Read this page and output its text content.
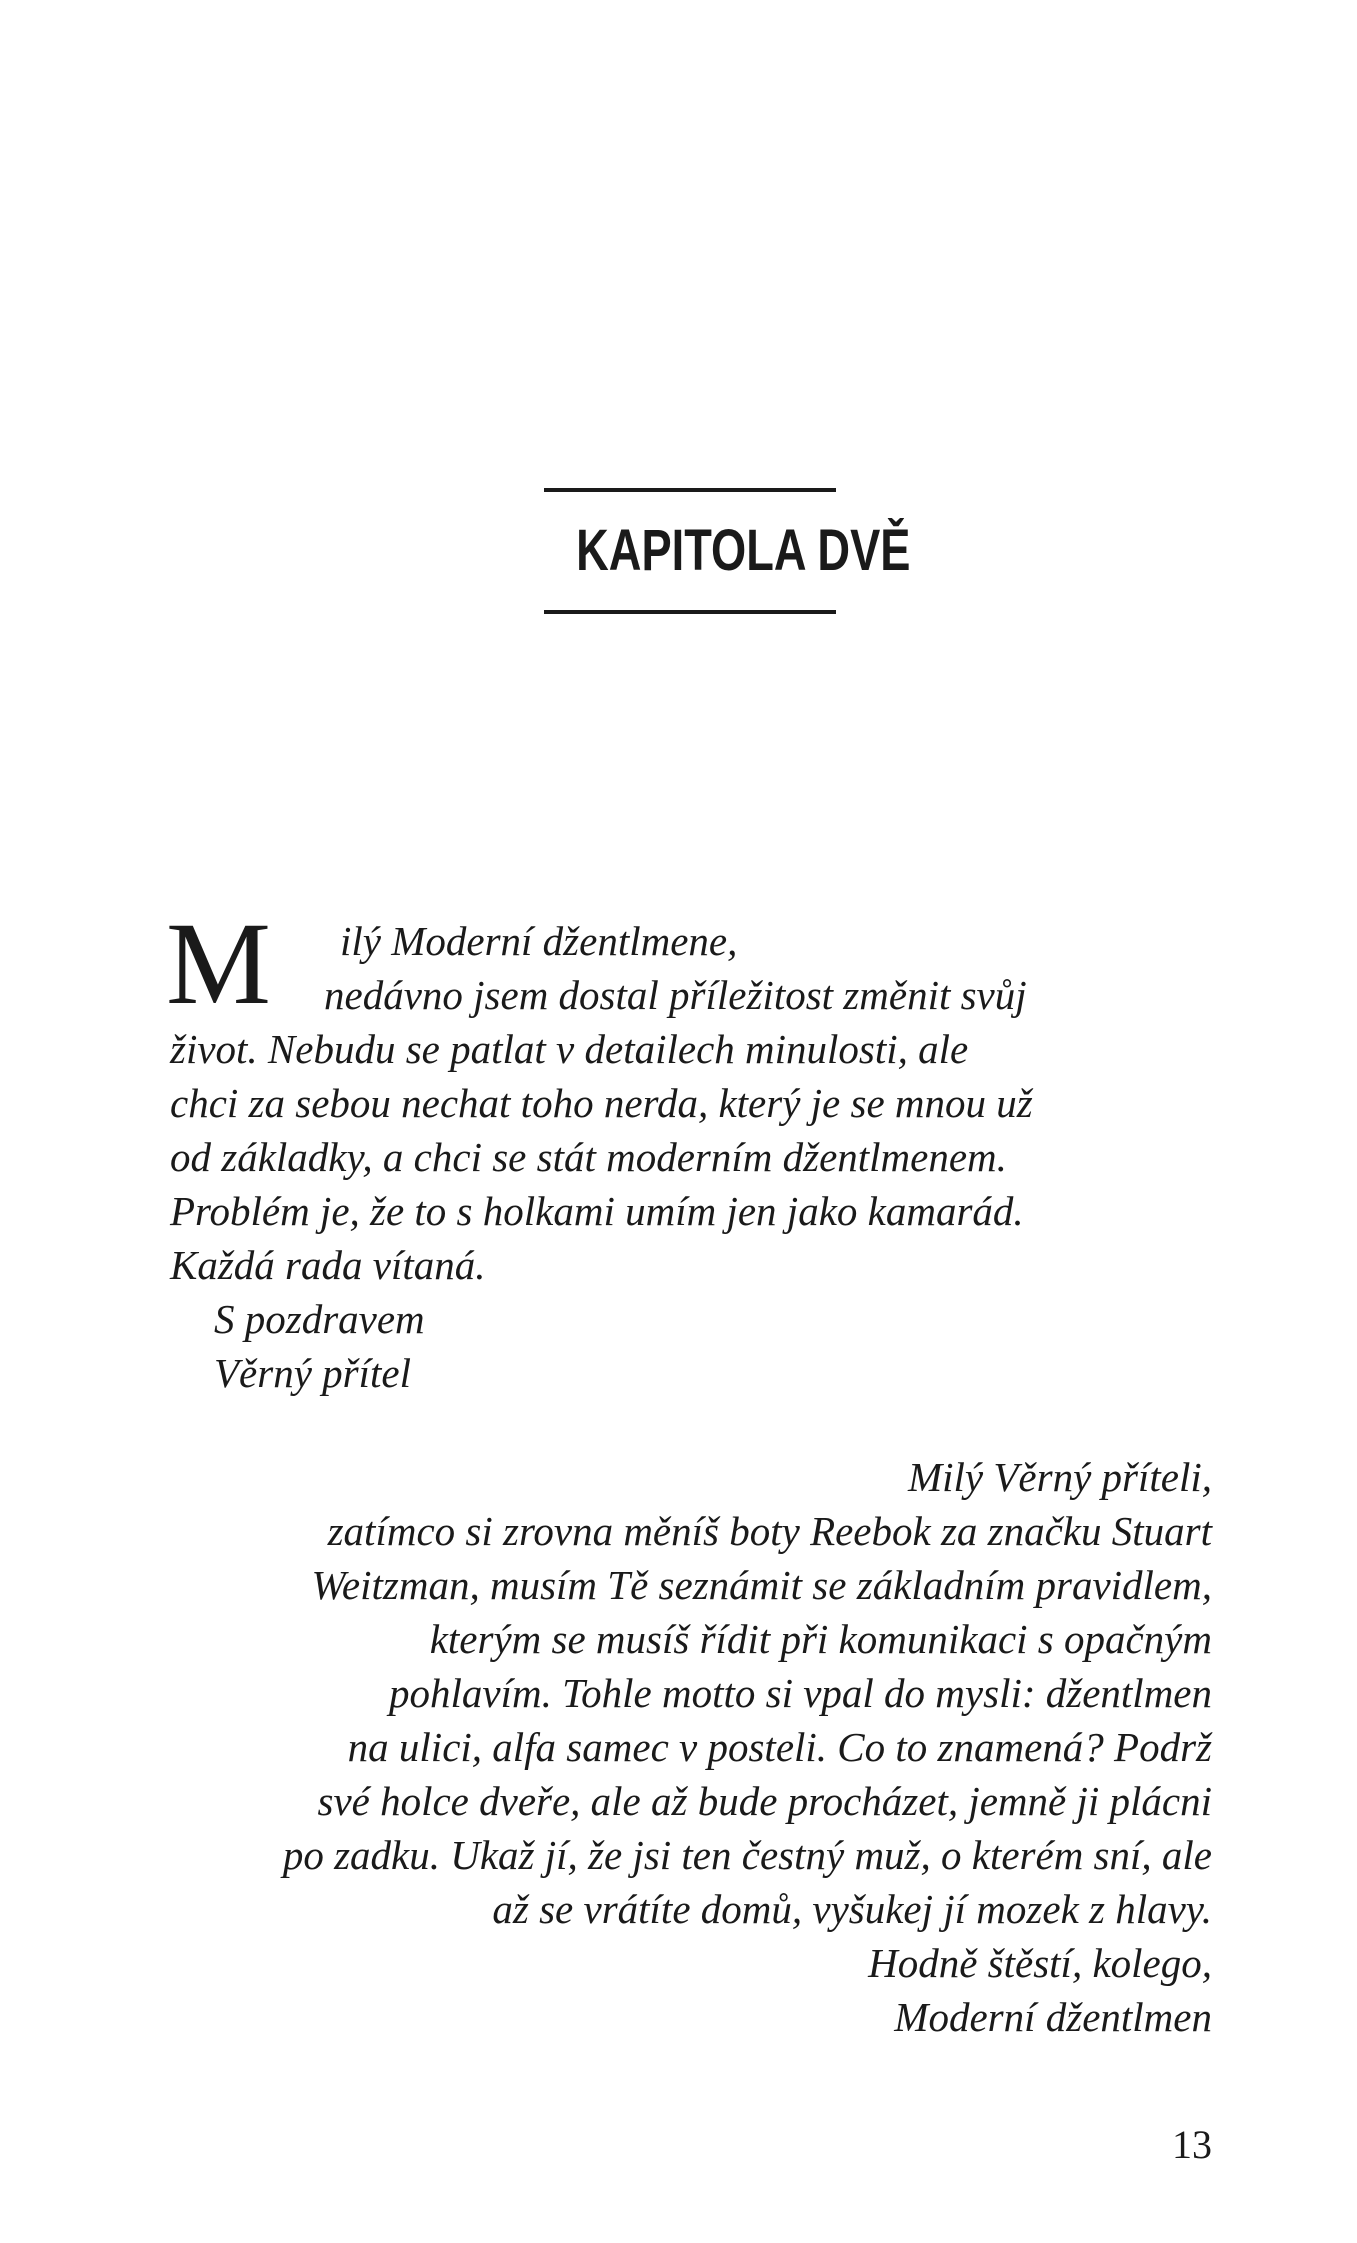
KAPITOLA DVĚ
M	ilý Moderní džentlmene,
nedávno jsem dostal příležitost změnit svůj
život. Nebudu se patlat v detailech minulosti, ale
chci za sebou nechat toho nerda, který je se mnou už
od základky, a chci se stát moderním džentlmenem.
Problém je, že to s holkami umím jen jako kamarád.
Každá rada vítaná.
S pozdravem
Věrný přítel
Milý Věrný příteli,
zatímco si zrovna měníš boty Reebok za značku Stuart
Weitzman, musím Tě seznámit se základním pravidlem,
kterým se musíš řídit při komunikaci s opačným
pohlavím. Tohle motto si vpal do mysli: džentlmen
na ulici, alfa samec v posteli. Co to znamená? Podrž
své holce dveře, ale až bude procházet, jemně ji plácni
po zadku. Ukaž jí, že jsi ten čestný muž, o kterém sní, ale
až se vrátíte domů, vyšukej jí mozek z hlavy.
Hodně štěstí, kolego,
Moderní džentlmen
13
